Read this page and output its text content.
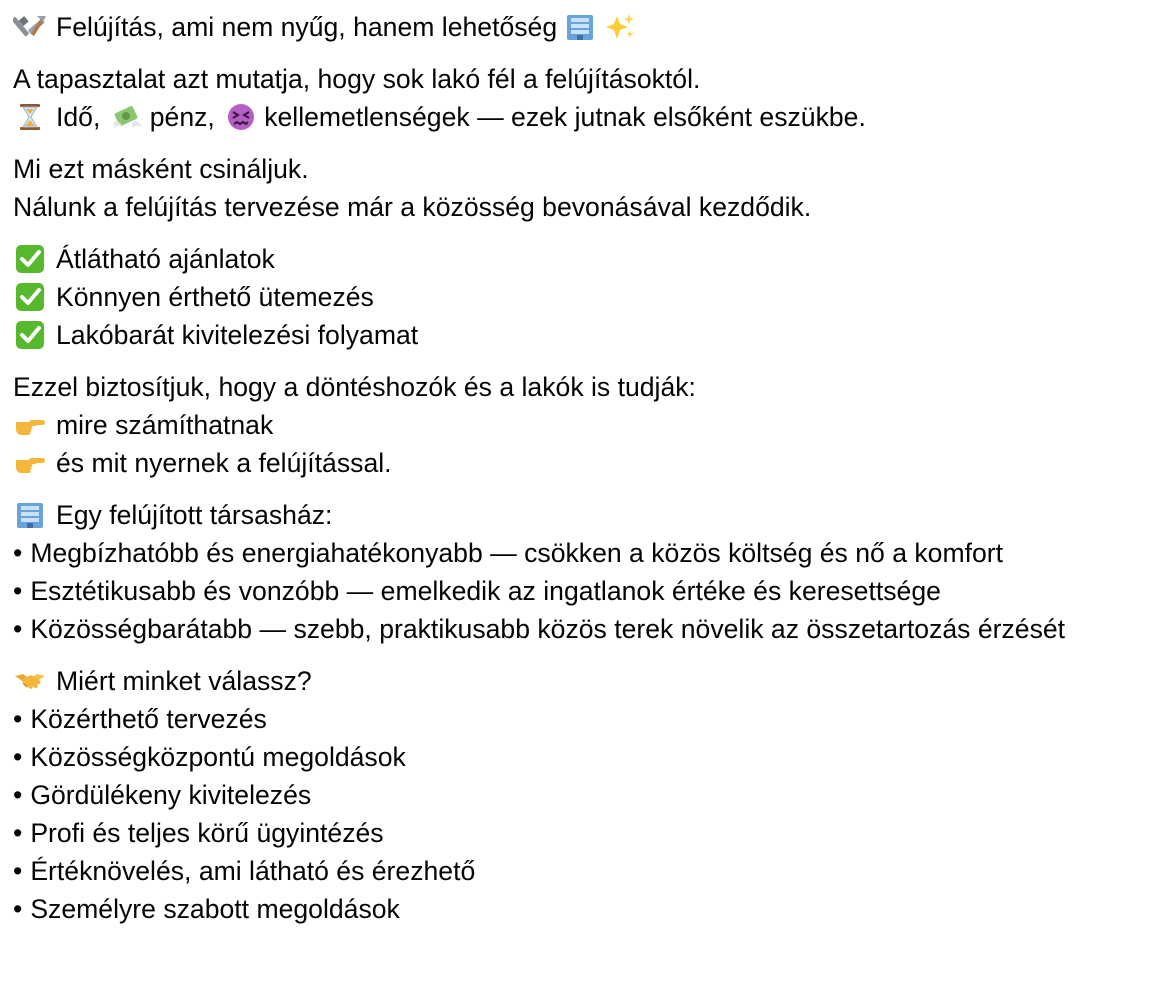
Felújítás, ami nem nyűg, hanem lehetőség
A tapasztalat azt mutatja, hogy sok lakó fél a felújításoktól.
Idő, pénz, kellemetlenségek — ezek jutnak elsőként eszükbe.
Mi ezt másként csináljuk.
Nálunk a felújítás tervezése már a közösség bevonásával kezdődik.
Átlátható ajánlatok
Könnyen érthető ütemezés
Lakóbarát kivitelezési folyamat
Ezzel biztosítjuk, hogy a döntéshozók és a lakók is tudják:
mire számíthatnak
és mit nyernek a felújítással.
Egy felújított társasház:
• Megbízhatóbb és energiahatékonyabb — csökken a közös költség és nő a komfort
• Esztétikusabb és vonzóbb — emelkedik az ingatlanok értéke és keresettsége
• Közösségbarátabb — szebb, praktikusabb közös terek növelik az összetartozás érzését
Miért minket válassz?
• Közérthető tervezés
• Közösségközpontú megoldások
• Gördülékeny kivitelezés
• Profi és teljes körű ügyintézés
• Értéknövelés, ami látható és érezhető
• Személyre szabott megoldások
